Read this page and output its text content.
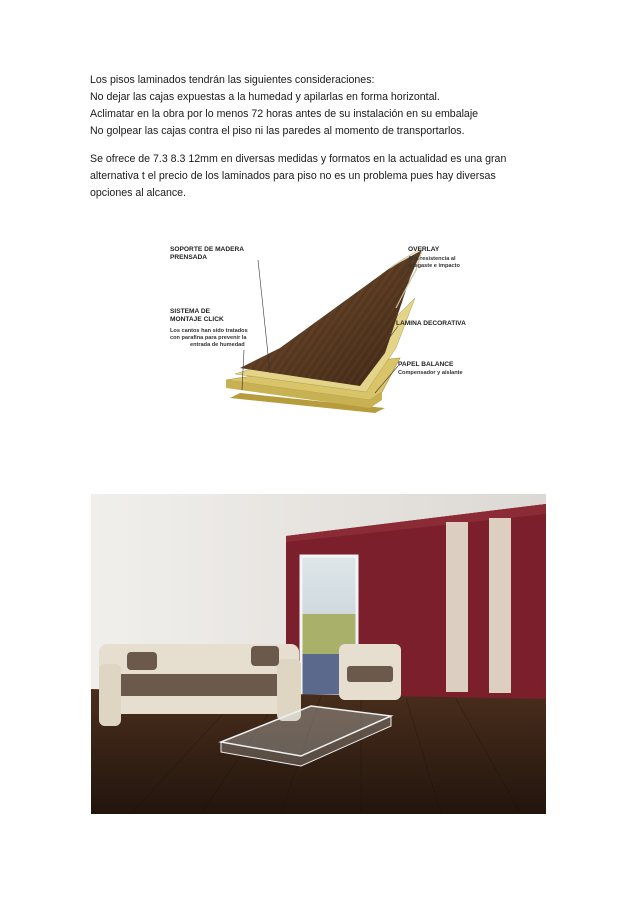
Los pisos laminados tendrán las siguientes consideraciones:
No dejar las cajas expuestas a la humedad y apilarlas en forma horizontal.
Aclimatar en la obra por lo menos 72 horas antes de su instalación en su embalaje
No golpear las cajas contra el piso ni las paredes al momento de transportarlos.
Se ofrece de 7.3 8.3 12mm en diversas medidas y formatos en la actualidad es una gran
alternativa t el precio de los laminados para piso no es un problema pues hay diversas
opciones al alcance.
SOPORTE DE MADERA
PRENSADA
SISTEMA DE
MONTAJE CLICK
Los cantos han sido tratados
con parafina para prevenir la
entrada de humedad
OVERLAY
Alta resistencia al
desgaste e impacto
LAMINA DECORATIVA
PAPEL BALANCE
Compensador y aislante
